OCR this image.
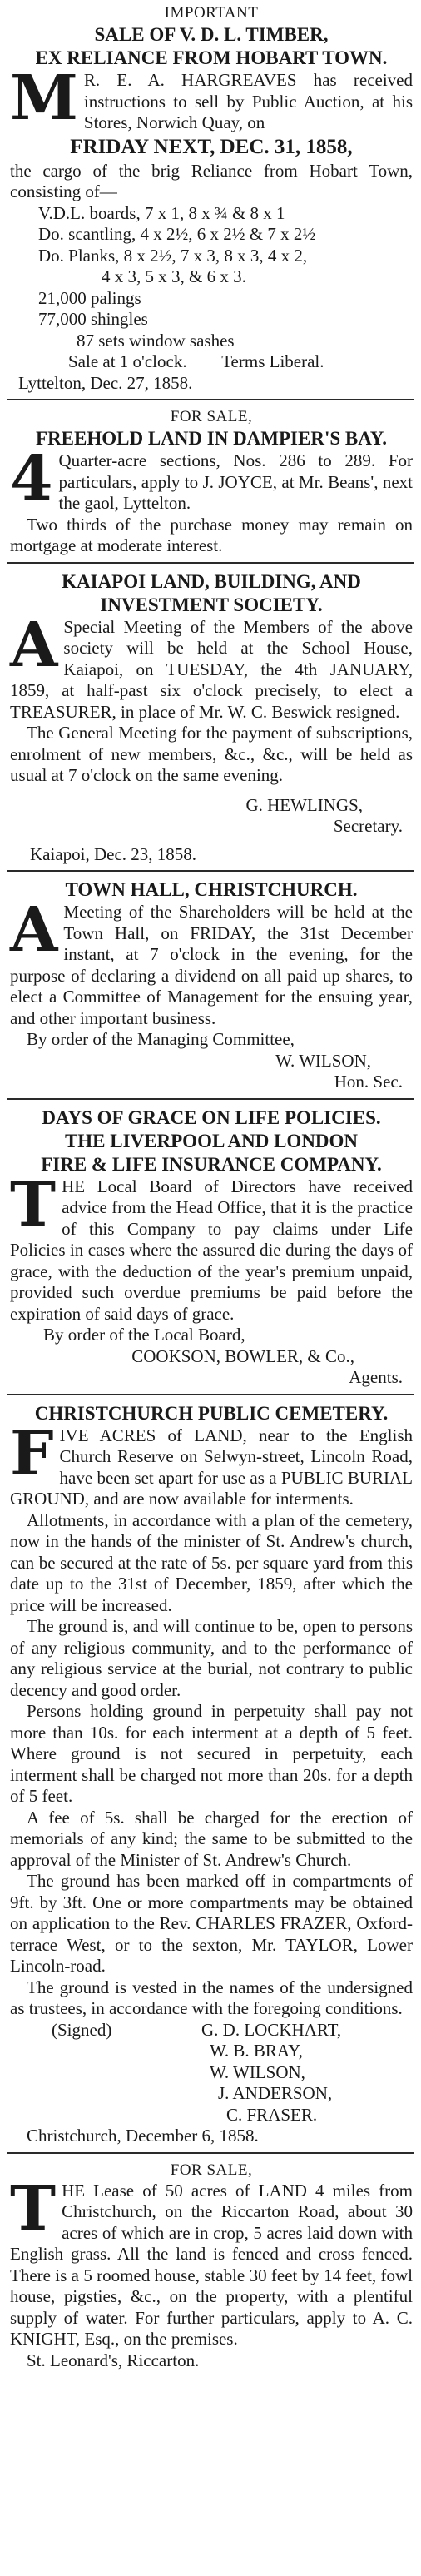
IMPORTANT
SALE OF V. D. L. TIMBER,
EX RELIANCE FROM HOBART TOWN.
M R. E. A. HARGREAVES has received instructions to sell by Public Auction, at his Stores, Norwich Quay, on
FRIDAY NEXT, DEC. 31, 1858,
the cargo of the brig Reliance from Hobart Town, consisting of—
V.D.L. boards, 7 x 1, 8 x ¾ & 8 x 1
Do. scantling, 4 x 2½, 6 x 2½ & 7 x 2½
Do. Planks, 8 x 2½, 7 x 3, 8 x 3, 4 x 2,
4 x 3, 5 x 3, & 6 x 3.
21,000 palings
77,000 shingles
87 sets window sashes
Sale at 1 o'clock.        Terms Liberal.
Lyttelton, Dec. 27, 1858.
FOR SALE,
FREEHOLD LAND IN DAMPIER'S BAY.
4 Quarter-acre sections, Nos. 286 to 289. For particulars, apply to J. JOYCE, at Mr. Beans', next the gaol, Lyttelton.
Two thirds of the purchase money may remain on mortgage at moderate interest.
KAIAPOI LAND, BUILDING, AND
INVESTMENT SOCIETY.
A Special Meeting of the Members of the above society will be held at the School House, Kaiapoi, on TUESDAY, the 4th JANUARY, 1859, at half-past six o'clock precisely, to elect a TREASURER, in place of Mr. W. C. Beswick resigned.
The General Meeting for the payment of subscriptions, enrolment of new members, &c., &c., will be held as usual at 7 o'clock on the same evening.
G. HEWLINGS,
Secretary.
Kaiapoi, Dec. 23, 1858.
TOWN HALL, CHRISTCHURCH.
A Meeting of the Shareholders will be held at the Town Hall, on FRIDAY, the 31st December instant, at 7 o'clock in the evening, for the purpose of declaring a dividend on all paid up shares, to elect a Committee of Management for the ensuing year, and other important business.
By order of the Managing Committee,
W. WILSON,
Hon. Sec.
DAYS OF GRACE ON LIFE POLICIES.
THE LIVERPOOL AND LONDON
FIRE & LIFE INSURANCE COMPANY.
THE Local Board of Directors have received advice from the Head Office, that it is the practice of this Company to pay claims under Life Policies in cases where the assured die during the days of grace, with the deduction of the year's premium unpaid, provided such overdue premiums be paid before the expiration of said days of grace.
By order of the Local Board,
COOKSON, BOWLER, & Co.,
Agents.
CHRISTCHURCH PUBLIC CEMETERY.
FIVE ACRES of LAND, near to the English Church Reserve on Selwyn-street, Lincoln Road, have been set apart for use as a PUBLIC BURIAL GROUND, and are now available for interments.
Allotments, in accordance with a plan of the cemetery, now in the hands of the minister of St. Andrew's church, can be secured at the rate of 5s. per square yard from this date up to the 31st of December, 1859, after which the price will be increased.
The ground is, and will continue to be, open to persons of any religious community, and to the performance of any religious service at the burial, not contrary to public decency and good order.
Persons holding ground in perpetuity shall pay not more than 10s. for each interment at a depth of 5 feet. Where ground is not secured in perpetuity, each interment shall be charged not more than 20s. for a depth of 5 feet.
A fee of 5s. shall be charged for the erection of memorials of any kind; the same to be submitted to the approval of the Minister of St. Andrew's Church.
The ground has been marked off in compartments of 9ft. by 3ft. One or more compartments may be obtained on application to the Rev. CHARLES FRAZER, Oxford-terrace West, or to the sexton, Mr. TAYLOR, Lower Lincoln-road.
The ground is vested in the names of the undersigned as trustees, in accordance with the foregoing conditions.
(Signed)	G. D. LOCKHART,
W. B. BRAY,
W. WILSON,
J. ANDERSON,
C. FRASER.
Christchurch, December 6, 1858.
FOR SALE,
THE Lease of 50 acres of LAND 4 miles from Christchurch, on the Riccarton Road, about 30 acres of which are in crop, 5 acres laid down with English grass. All the land is fenced and cross fenced. There is a 5 roomed house, stable 30 feet by 14 feet, fowl house, pigsties, &c., on the property, with a plentiful supply of water. For further particulars, apply to A. C. KNIGHT, Esq., on the premises.
St. Leonard's, Riccarton.
